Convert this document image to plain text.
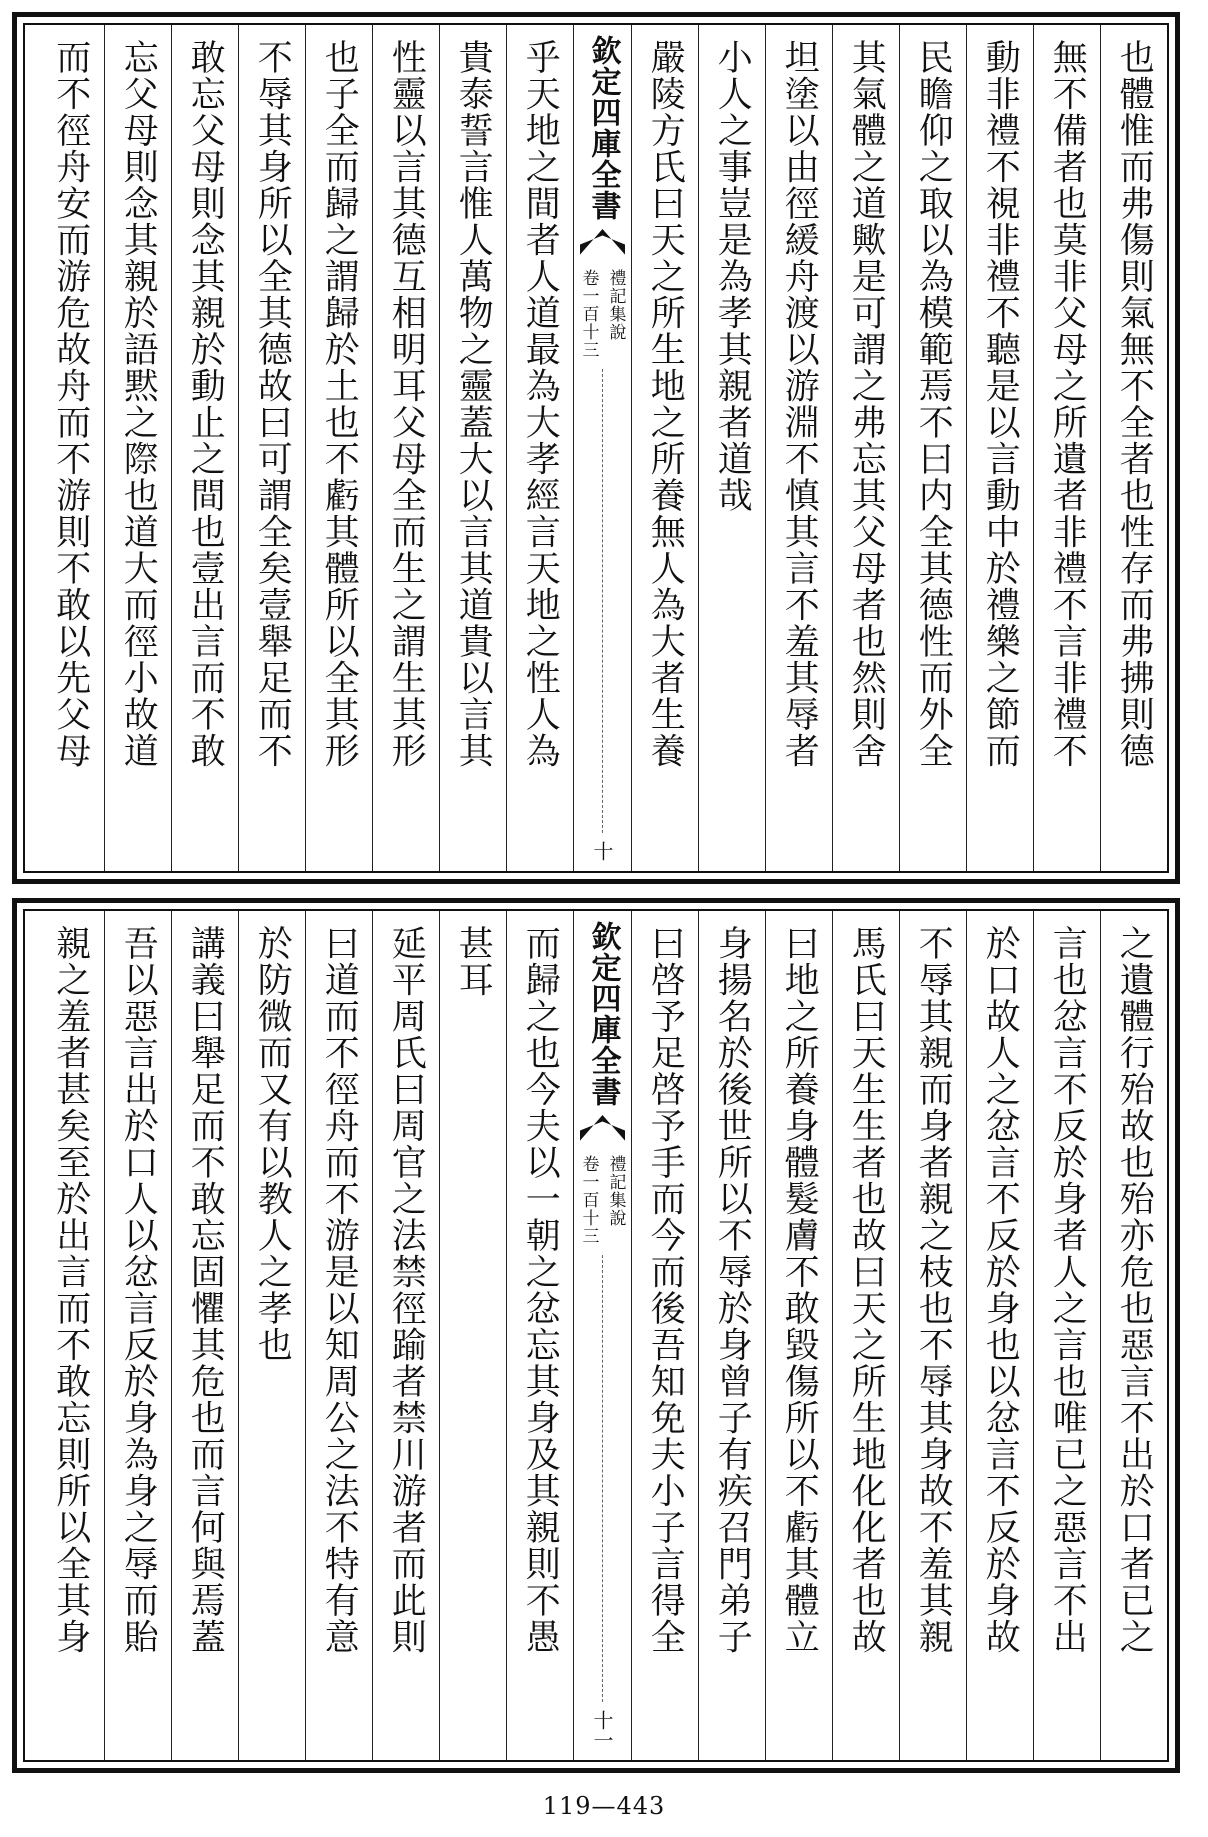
也體惟而弗傷則氣無不全者也性存而弗拂則德
無不備者也莫非父母之所遺者非禮不言非禮不
動非禮不視非禮不聽是以言動中於禮樂之節而
民瞻仰之取以為模範焉不曰内全其德性而外全
其氣體之道歟是可謂之弗忘其父母者也然則舍
坦塗以由徑緩舟渡以游淵不慎其言不羞其辱者
小人之事豈是為孝其親者道哉
嚴陵方氏曰天之所生地之所養無人為大者生養
欽定四庫全書
禮記集說
卷一百十三
十
乎天地之間者人道最為大孝經言天地之性人為
貴泰誓言惟人萬物之靈蓋大以言其道貴以言其
性靈以言其德互相明耳父母全而生之謂生其形
也子全而歸之謂歸於土也不虧其體所以全其形
不辱其身所以全其德故曰可謂全矣壹舉足而不
敢忘父母則念其親於動止之間也壹出言而不敢
忘父母則念其親於語黙之際也道大而徑小故道
而不徑舟安而游危故舟而不游則不敢以先父母
之遺體行殆故也殆亦危也惡言不出於口者已之
言也忿言不反於身者人之言也唯已之惡言不出
於口故人之忿言不反於身也以忿言不反於身故
不辱其親而身者親之枝也不辱其身故不羞其親
馬氏曰天生生者也故曰天之所生地化化者也故
曰地之所養身體髮膚不敢毀傷所以不虧其體立
身揚名於後世所以不辱於身曾子有疾召門弟子
曰啓予足啓予手而今而後吾知免夫小子言得全
欽定四庫全書
禮記集說
卷一百十三
十一
而歸之也今夫以一朝之忿忘其身及其親則不愚
甚耳
延平周氏曰周官之法禁徑踰者禁川游者而此則
曰道而不徑舟而不游是以知周公之法不特有意
於防微而又有以教人之孝也
講義曰舉足而不敢忘固懼其危也而言何與焉蓋
吾以惡言出於口人以忿言反於身為身之辱而貽
親之羞者甚矣至於出言而不敢忘則所以全其身
119—443
